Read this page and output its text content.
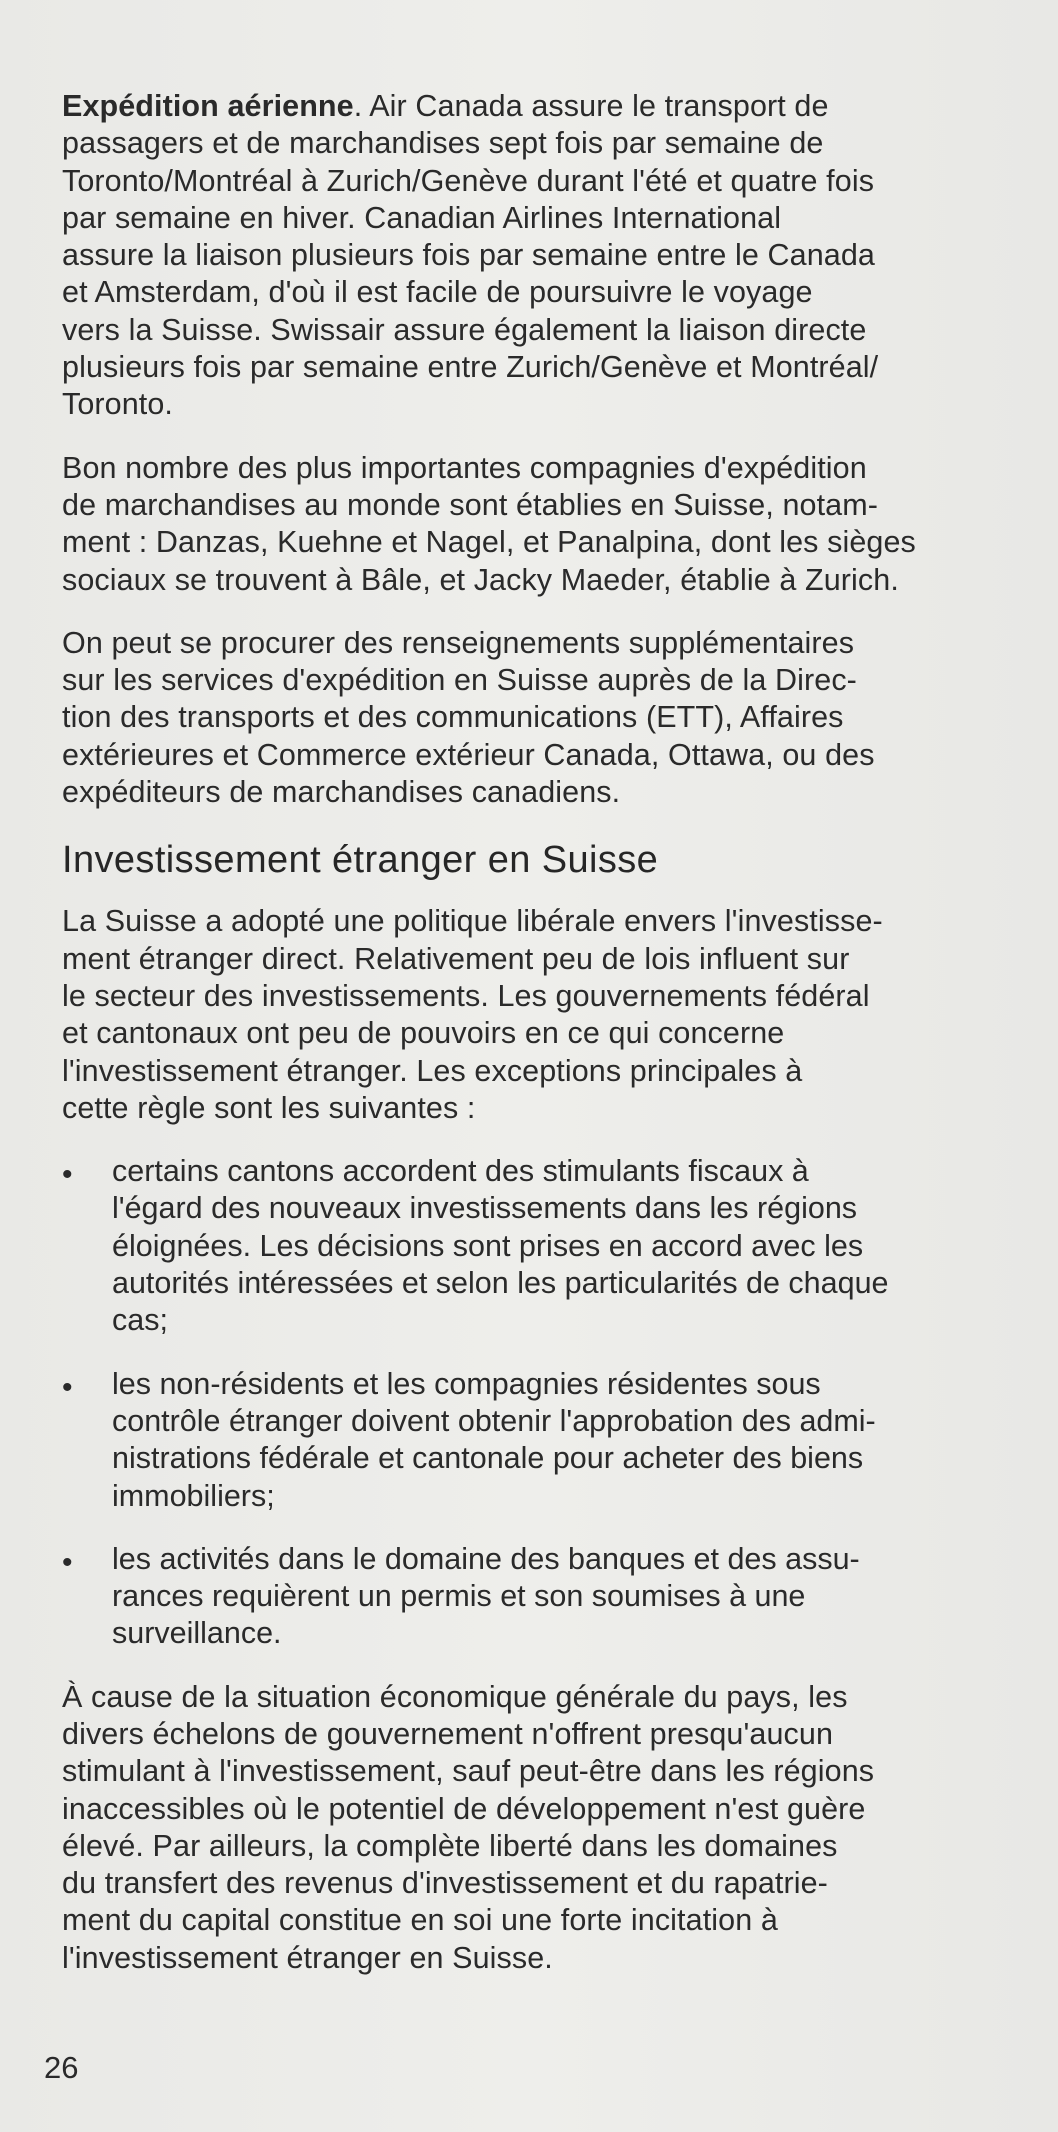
Expédition aérienne. Air Canada assure le transport de
passagers et de marchandises sept fois par semaine de
Toronto/Montréal à Zurich/Genève durant l'été et quatre fois
par semaine en hiver. Canadian Airlines International
assure la liaison plusieurs fois par semaine entre le Canada
et Amsterdam, d'où il est facile de poursuivre le voyage
vers la Suisse. Swissair assure également la liaison directe
plusieurs fois par semaine entre Zurich/Genève et Montréal/
Toronto.

Bon nombre des plus importantes compagnies d'expédition
de marchandises au monde sont établies en Suisse, notam-
ment : Danzas, Kuehne et Nagel, et Panalpina, dont les sièges
sociaux se trouvent à Bâle, et Jacky Maeder, établie à Zurich.

On peut se procurer des renseignements supplémentaires
sur les services d'expédition en Suisse auprès de la Direc-
tion des transports et des communications (ETT), Affaires
extérieures et Commerce extérieur Canada, Ottawa, ou des
expéditeurs de marchandises canadiens.

Investissement étranger en Suisse

La Suisse a adopté une politique libérale envers l'investisse-
ment étranger direct. Relativement peu de lois influent sur
le secteur des investissements. Les gouvernements fédéral
et cantonaux ont peu de pouvoirs en ce qui concerne
l'investissement étranger. Les exceptions principales à
cette règle sont les suivantes :

• certains cantons accordent des stimulants fiscaux à
l'égard des nouveaux investissements dans les régions
éloignées. Les décisions sont prises en accord avec les
autorités intéressées et selon les particularités de chaque
cas;
• les non-résidents et les compagnies résidentes sous
contrôle étranger doivent obtenir l'approbation des admi-
nistrations fédérale et cantonale pour acheter des biens
immobiliers;
• les activités dans le domaine des banques et des assu-
rances requièrent un permis et son soumises à une
surveillance.

À cause de la situation économique générale du pays, les
divers échelons de gouvernement n'offrent presqu'aucun
stimulant à l'investissement, sauf peut-être dans les régions
inaccessibles où le potentiel de développement n'est guère
élevé. Par ailleurs, la complète liberté dans les domaines
du transfert des revenus d'investissement et du rapatrie-
ment du capital constitue en soi une forte incitation à
l'investissement étranger en Suisse.

26
